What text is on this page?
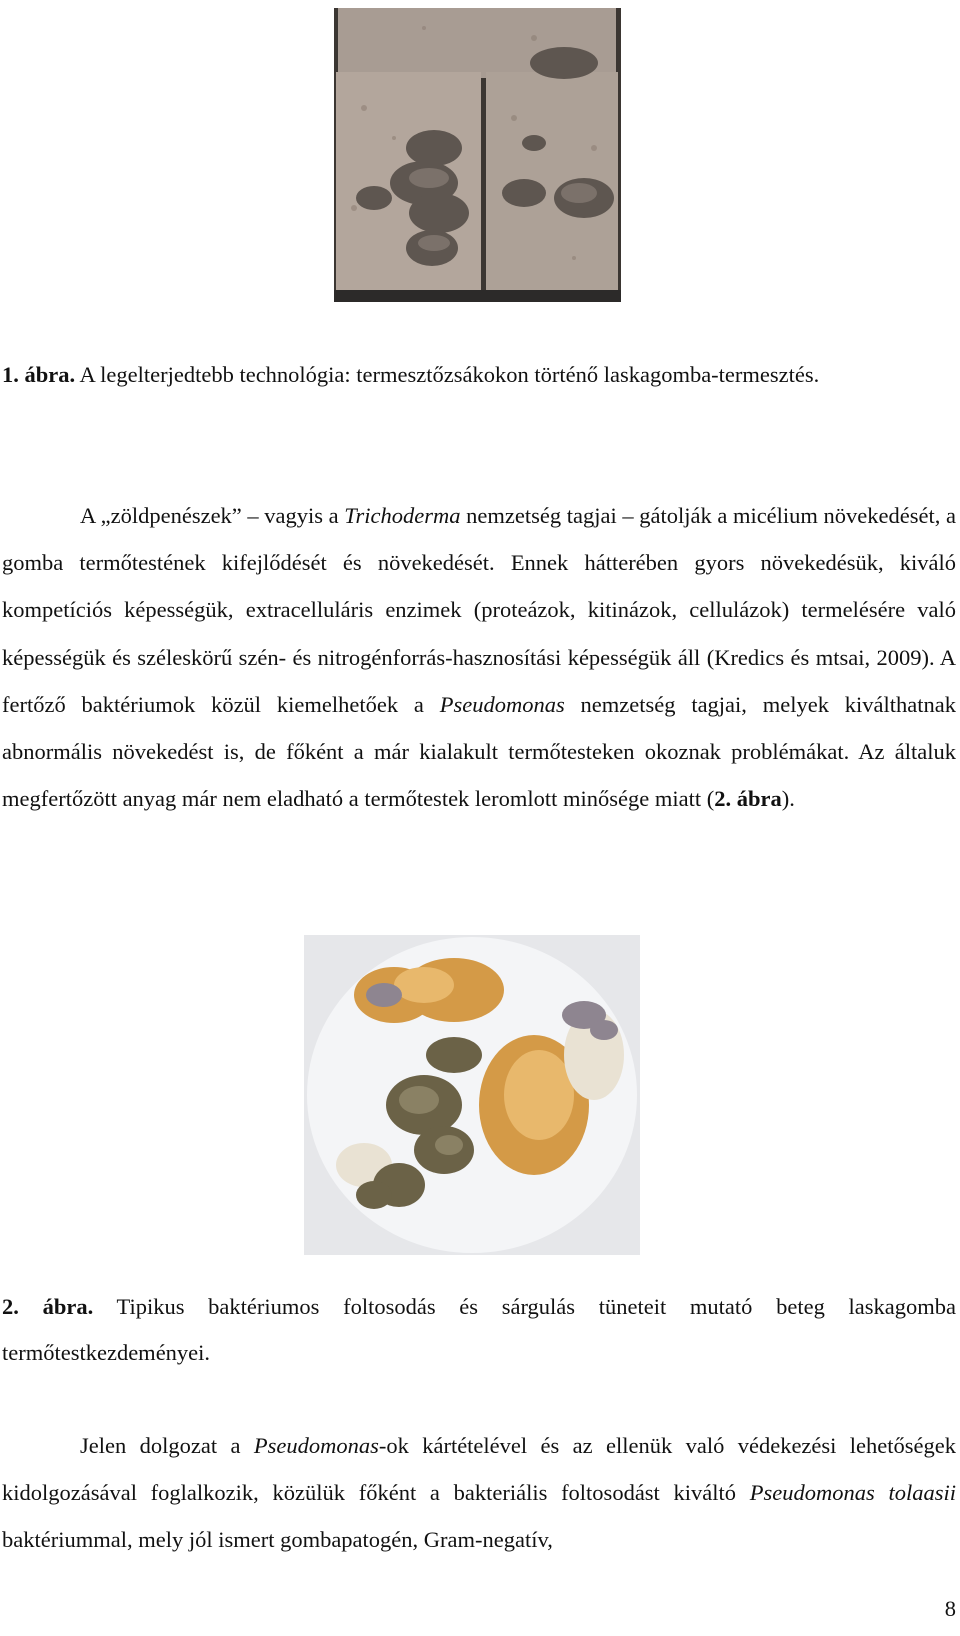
1. ábra. A legelterjedtebb technológia: termesztőzsákokon történő laskagomba-termesztés.
A „zöldpenészek” – vagyis a Trichoderma nemzetség tagjai – gátolják a micélium növekedését, a gomba termőtestének kifejlődését és növekedését. Ennek hátterében gyors növekedésük, kiváló kompetíciós képességük, extracelluláris enzimek (proteázok, kitinázok, cellulázok) termelésére való képességük és széleskörű szén- és nitrogénforrás-hasznosítási képességük áll (Kredics és mtsai, 2009). A fertőző baktériumok közül kiemelhetőek a Pseudomonas nemzetség tagjai, melyek kiválthatnak abnormális növekedést is, de főként a már kialakult termőtesteken okoznak problémákat. Az általuk megfertőzött anyag már nem eladható a termőtestek leromlott minősége miatt (2. ábra).
2. ábra. Tipikus baktériumos foltosodás és sárgulás tüneteit mutató beteg laskagomba termőtestkezdeményei.
Jelen dolgozat a Pseudomonas-ok kártételével és az ellenük való védekezési lehetőségek kidolgozásával foglalkozik, közülük főként a bakteriális foltosodást kiváltó Pseudomonas tolaasii baktériummal, mely jól ismert gombapatogén, Gram-negatív,
8
